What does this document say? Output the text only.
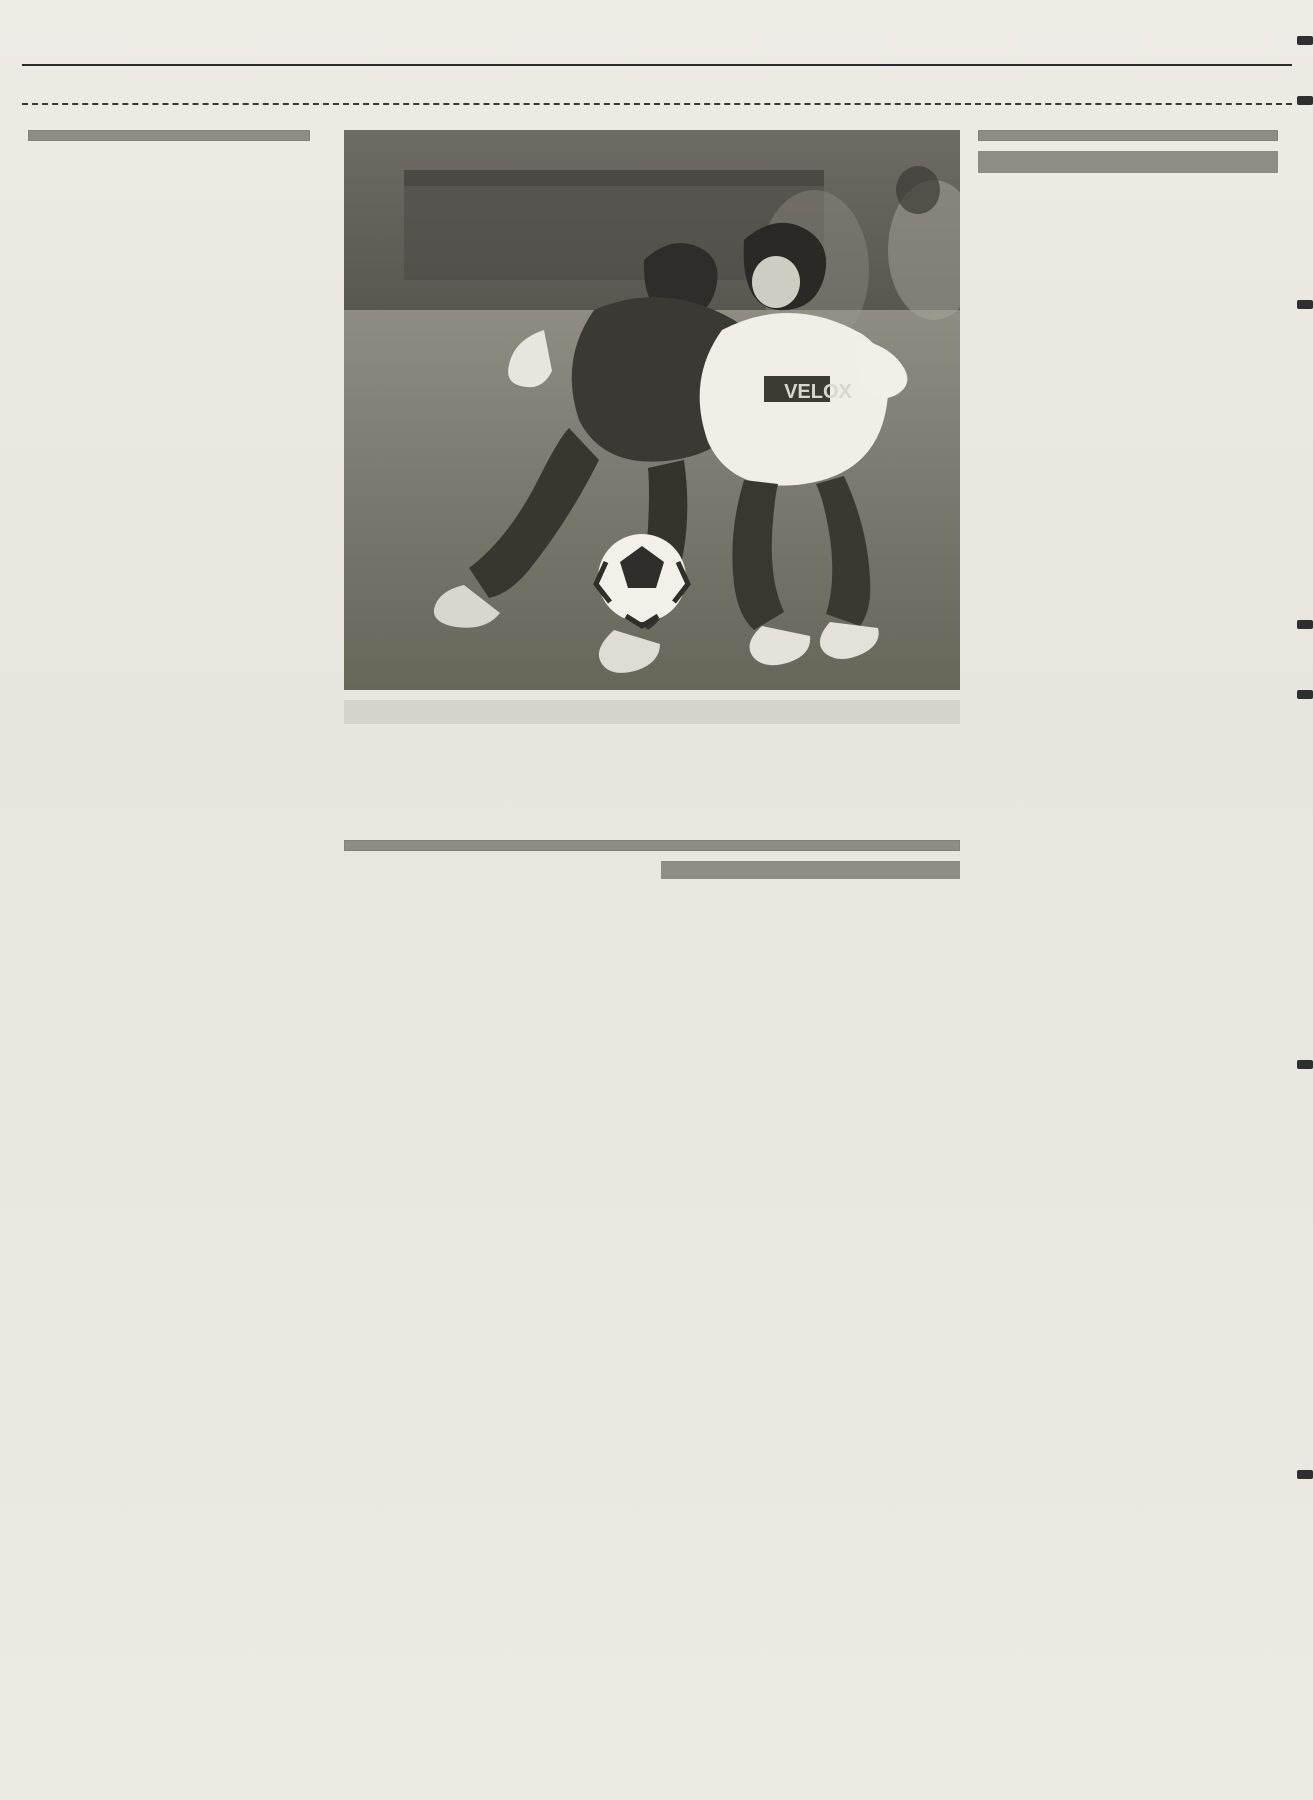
VELOX
